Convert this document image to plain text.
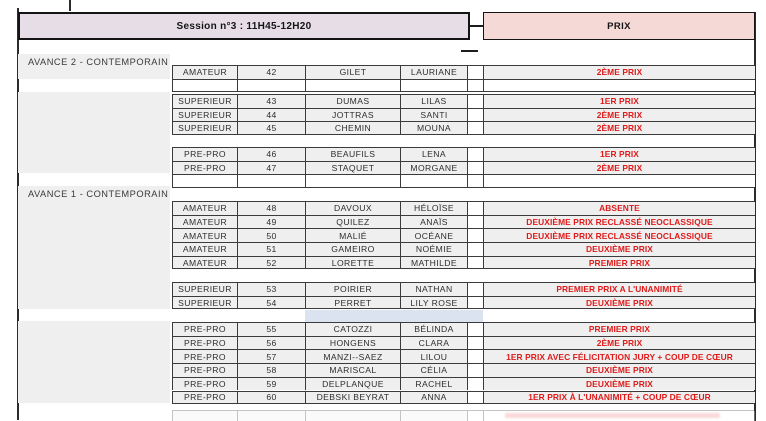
Session n°3 : 11H45-12H20	PRIX
AVANCE 2 - CONTEMPORAIN
AVANCE 1 - CONTEMPORAIN
AMATEUR	42	GILET	LAURIANE	2ÈME PRIX
SUPERIEUR	43	DUMAS	LILAS	1ER PRIX
SUPERIEUR	44	JOTTRAS	SANTI	2ÈME PRIX
SUPERIEUR	45	CHEMIN	MOUNA	2ÈME PRIX
PRE-PRO	46	BEAUFILS	LENA	1ER PRIX
PRE-PRO	47	STAQUET	MORGANE	2ÈME PRIX
AMATEUR	48	DAVOUX	HÉLOÏSE	ABSENTE
AMATEUR	49	QUILEZ	ANAÏS	DEUXIÈME PRIX RECLASSÉ NEOCLASSIQUE
AMATEUR	50	MALIÉ	OCÉANE	DEUXIÈME PRIX RECLASSÉ NEOCLASSIQUE
AMATEUR	51	GAMEIRO	NOÉMIE	DEUXIÈME PRIX
AMATEUR	52	LORETTE	MATHILDE	PREMIER PRIX
SUPERIEUR	53	POIRIER	NATHAN	PREMIER PRIX A L'UNANIMITÉ
SUPERIEUR	54	PERRET	LILY ROSE	DEUXIÈME PRIX
PRE-PRO	55	CATOZZI	BÉLINDA	PREMIER PRIX
PRE-PRO	56	HONGENS	CLARA	2ÈME PRIX
PRE-PRO	57	MANZI--SAEZ	LILOU	1ER PRIX AVEC FÉLICITATION JURY + COUP DE CŒUR
PRE-PRO	58	MARISCAL	CÉLIA	DEUXIÈME PRIX
PRE-PRO	59	DELPLANQUE	RACHEL	DEUXIÈME PRIX
PRE-PRO	60	DEBSKI BEYRAT	ANNA	1ER PRIX À L'UNANIMITÉ + COUP DE CŒUR
